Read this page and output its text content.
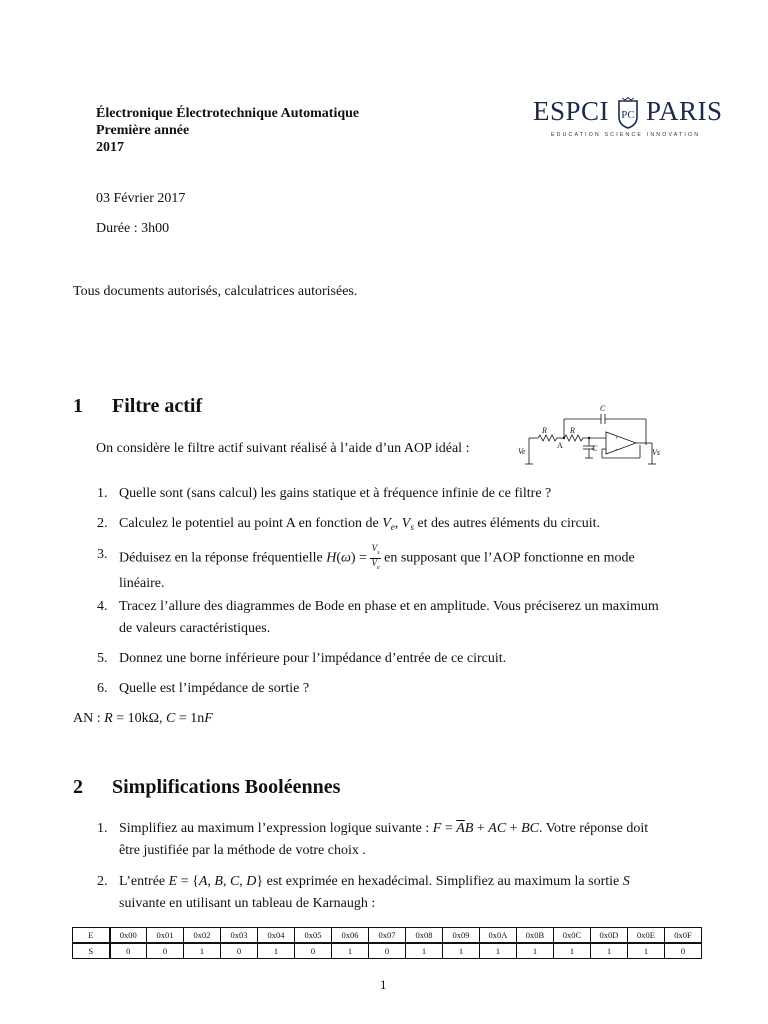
Électronique Électrotechnique Automatique
Première année
2017
ESPCI PC PARIS
EDUCATION SCIENCE INNOVATION
03 Février 2017
Durée : 3h00
Tous documents autorisés, calculatrices autorisées.
1 Filtre actif
On considère le filtre actif suivant réalisé à l’aide d’un AOP idéal :
+
−
C
R	R
A	C
Ve	Vs
1. Quelle sont (sans calcul) les gains statique et à fréquence infinie de ce filtre ?
2. Calculez le potentiel au point A en fonction de $V_e$, $V_s$ et des autres éléments du circuit.
3. Déduisez en la réponse fréquentielle $H(\omega) = \frac{V_s}{V_e}$ en supposant que l’AOP fonctionne en mode
linéaire.
4. Tracez l’allure des diagrammes de Bode en phase et en amplitude. Vous préciserez un maximum
de valeurs caractéristiques.
5. Donnez une borne inférieure pour l’impédance d’entrée de ce circuit.
6. Quelle est l’impédance de sortie ?
AN : R = 10kΩ, C = 1nF
2 Simplifications Booléennes
1. Simplifiez au maximum l’expression logique suivante : $F = \overline{A}B$ + AC + BC. Votre réponse doit
être justifiée par la méthode de votre choix .
2. L’entrée E = {A, B, C, D} est exprimée en hexadécimal. Simplifiez au maximum la sortie S
suivante en utilisant un tableau de Karnaugh :
E	0x00	0x01	0x02	0x03	0x04	0x05	0x06	0x07	0x08	0x09	0x0A	0x0B	0x0C	0x0D	0x0E	0x0F
S	0	0	1	0	1	0	1	0	1	1	1	1	1	1	1	0
1
